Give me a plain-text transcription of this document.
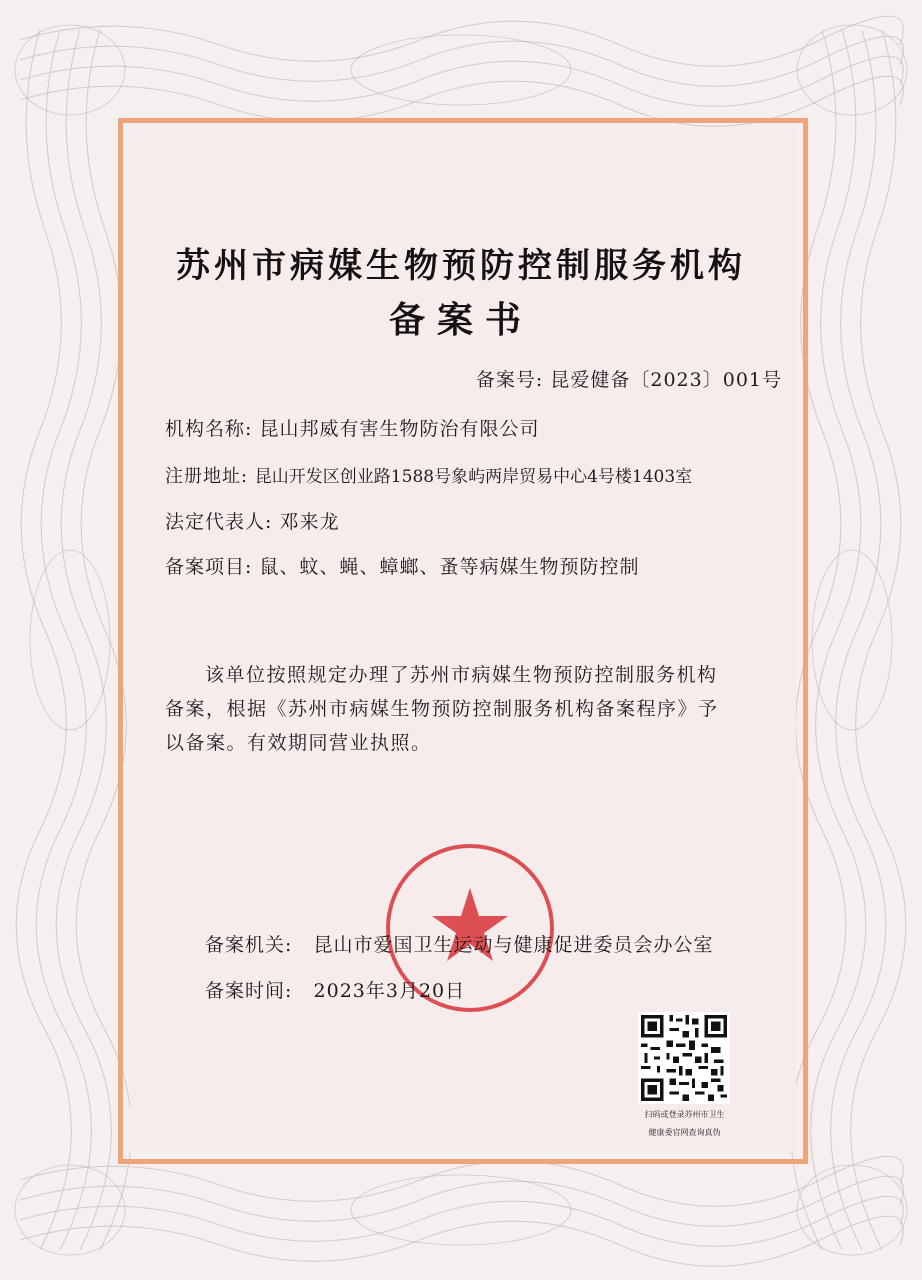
苏州市病媒生物预防控制服务机构
备案书
备案号: 昆爱健备〔2023〕001号
机构名称: 昆山邦威有害生物防治有限公司
注册地址: 昆山开发区创业路1588号象屿两岸贸易中心4号楼1403室
法定代表人: 邓来龙
备案项目: 鼠、蚊、蝇、蟑螂、蚤等病媒生物预防控制
该单位按照规定办理了苏州市病媒生物预防控制服务机构
备案，根据《苏州市病媒生物预防控制服务机构备案程序》予
以备案。有效期同营业执照。
备案机关: 昆山市爱国卫生运动与健康促进委员会办公室
备案时间: 2023年3月20日
扫码或登录苏州市卫生
健康委官网查询真伪
